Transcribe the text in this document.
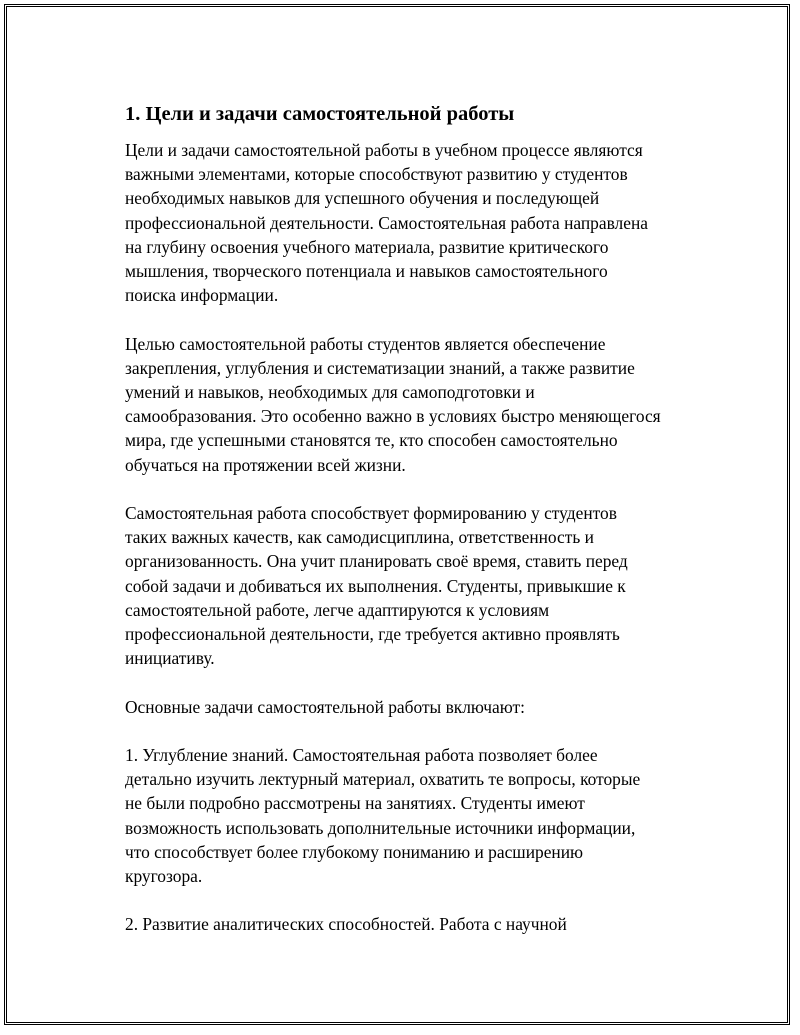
1. Цели и задачи самостоятельной работы

Цели и задачи самостоятельной работы в учебном процессе являются
важными элементами, которые способствуют развитию у студентов
необходимых навыков для успешного обучения и последующей
профессиональной деятельности. Самостоятельная работа направлена
на глубину освоения учебного материала, развитие критического
мышления, творческого потенциала и навыков самостоятельного
поиска информации.

Целью самостоятельной работы студентов является обеспечение
закрепления, углубления и систематизации знаний, а также развитие
умений и навыков, необходимых для самоподготовки и
самообразования. Это особенно важно в условиях быстро меняющегося
мира, где успешными становятся те, кто способен самостоятельно
обучаться на протяжении всей жизни.

Самостоятельная работа способствует формированию у студентов
таких важных качеств, как самодисциплина, ответственность и
организованность. Она учит планировать своё время, ставить перед
собой задачи и добиваться их выполнения. Студенты, привыкшие к
самостоятельной работе, легче адаптируются к условиям
профессиональной деятельности, где требуется активно проявлять
инициативу.

Основные задачи самостоятельной работы включают:

1. Углубление знаний. Самостоятельная работа позволяет более
детально изучить лектурный материал, охватить те вопросы, которые
не были подробно рассмотрены на занятиях. Студенты имеют
возможность использовать дополнительные источники информации,
что способствует более глубокому пониманию и расширению
кругозора.

2. Развитие аналитических способностей. Работа с научной
